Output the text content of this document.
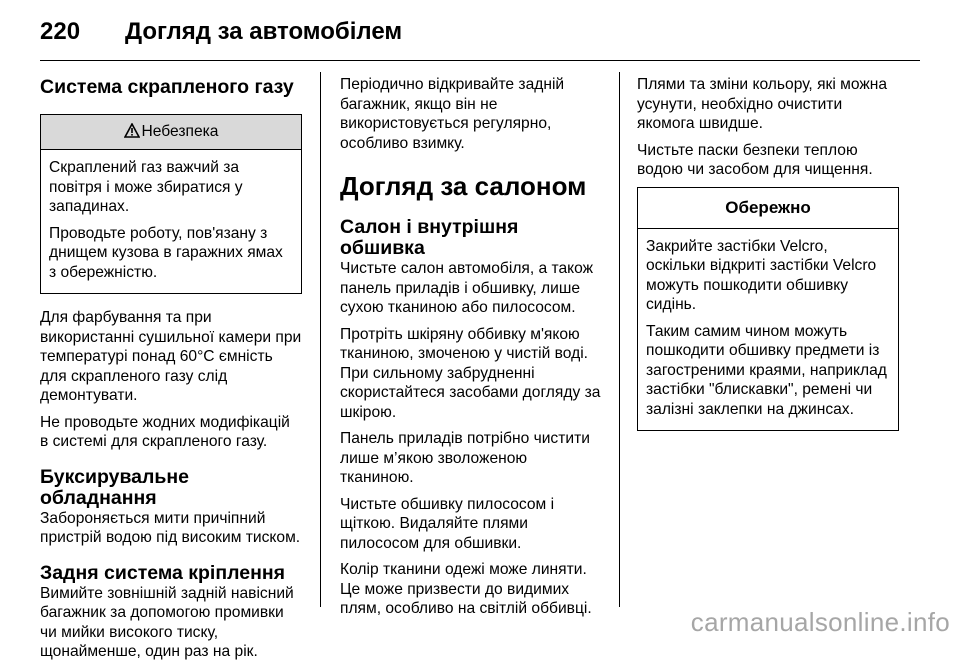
220 Догляд за автомобілем
Система скрапленого газу
Небезпека

Скраплений газ важчий за повітря і може збиратися у западинах.

Проводьте роботу, пов'язану з днищем кузова в гаражних ямах з обережністю.

Для фарбування та при використанні сушильної камери при температурі понад 60°C ємність для скрапленого газу слід демонтувати.

Не проводьте жодних модифікацій в системі для скрапленого газу.

Буксирувальне обладнання

Забороняється мити причіпний пристрій водою під високим тиском.

Задня система кріплення

Вимийте зовнішній задній навісний багажник за допомогою промивки чи мийки високого тиску, щонайменше, один раз на рік.

Періодично відкривайте задній багажник, якщо він не використовується регулярно, особливо взимку.

Догляд за салоном
Салон і внутрішня обшивка

Чистьте салон автомобіля, а також панель приладів і обшивку, лише сухою тканиною або пилососом.

Протріть шкіряну оббивку м'якою тканиною, змоченою у чистій воді. При сильному забрудненні скористайтеся засобами догляду за шкірою.

Панель приладів потрібно чистити лише м’якою зволоженою тканиною.

Чистьте обшивку пилососом і щіткою. Видаляйте плями пилососом для обшивки.

Колір тканини одежі може линяти. Це може призвести до видимих плям, особливо на світлій оббивці.

Плями та зміни кольору, які можна усунути, необхідно очистити якомога швидше.

Чистьте паски безпеки теплою водою чи засобом для чищення.

Обережно

Закрийте застібки Velcro, оскільки відкриті застібки Velcro можуть пошкодити обшивку сидінь.

Таким самим чином можуть пошкодити обшивку предмети із загостреними краями, наприклад застібки "блискавки", ремені чи залізні заклепки на джинсах.

carmanualsonline.info
